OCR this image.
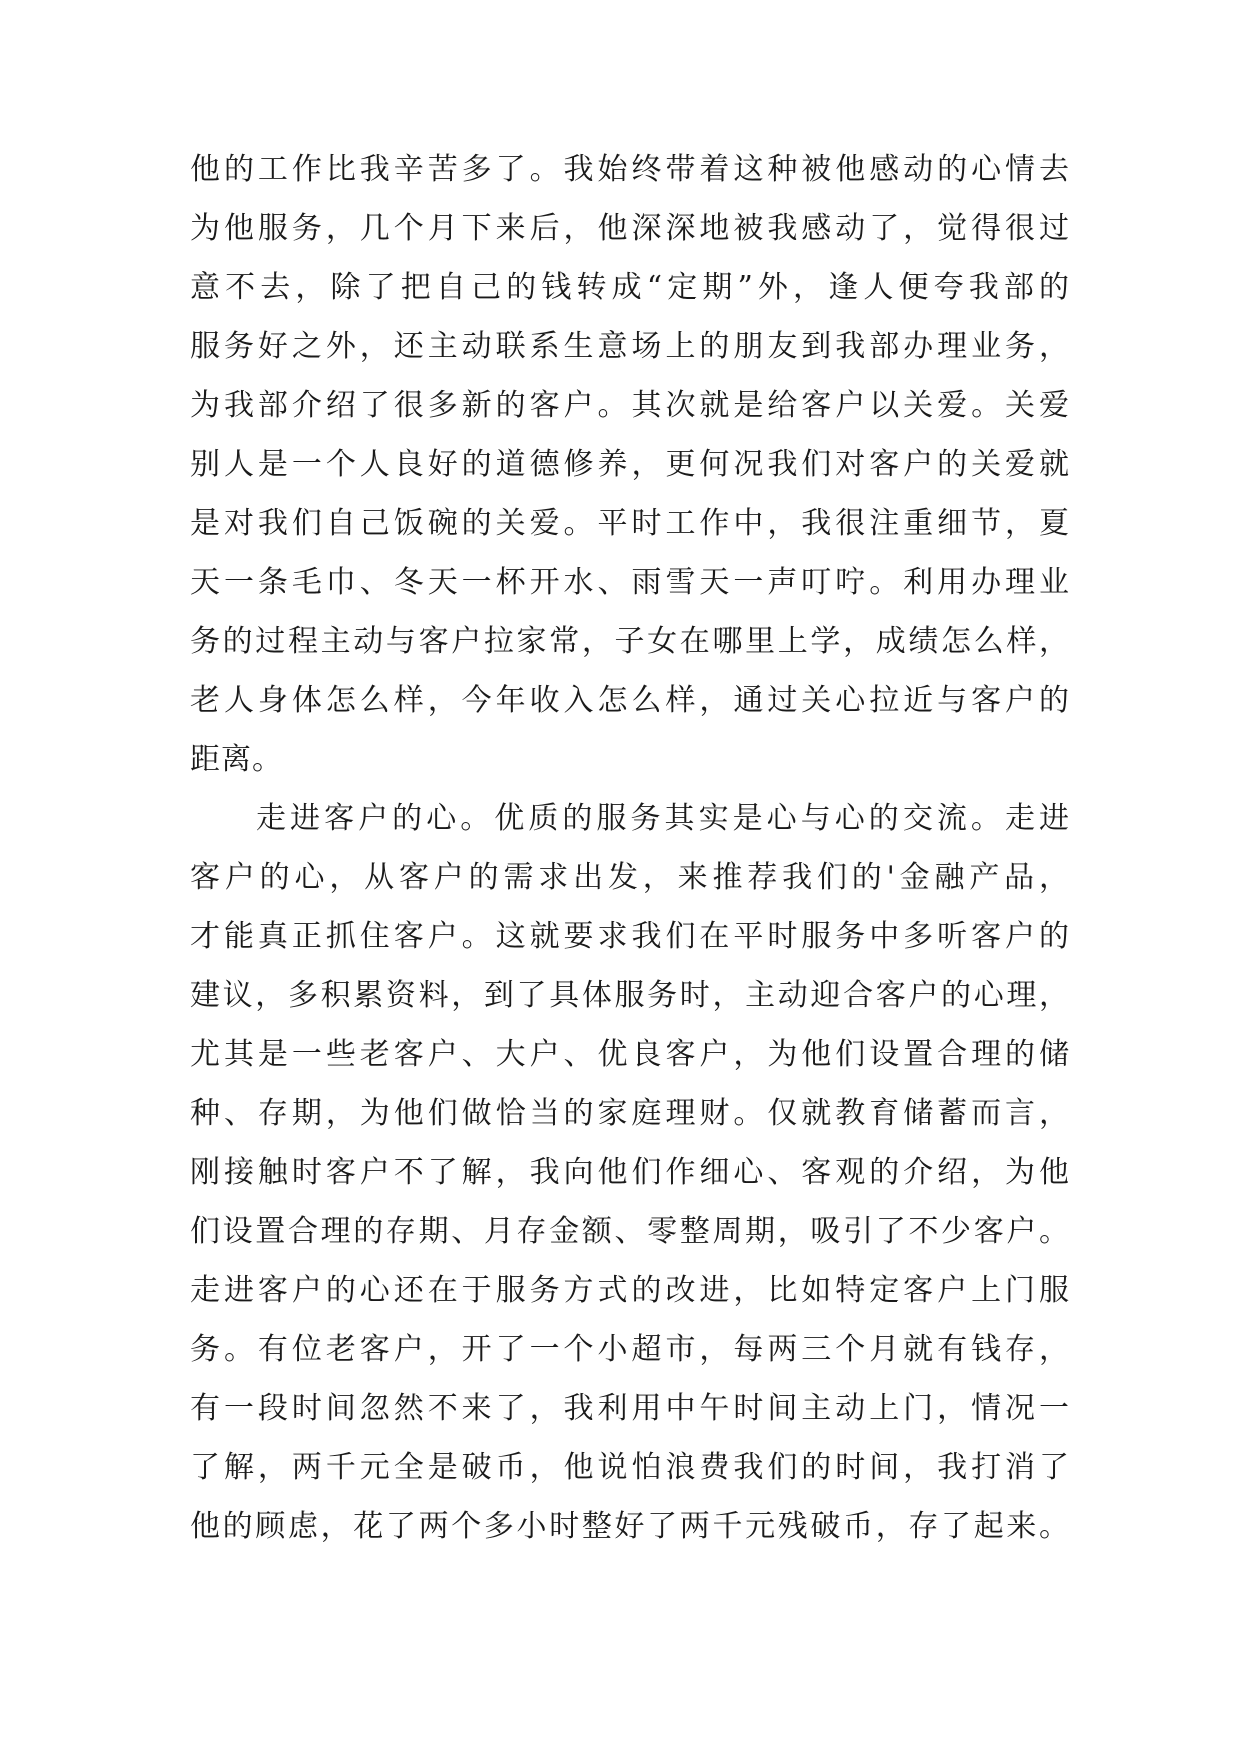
他的工作比我辛苦多了。我始终带着这种被他感动的心情去
为他服务，几个月下来后，他深深地被我感动了，觉得很过
意不去，除了把自己的钱转成“定期”外，逢人便夸我部的
服务好之外，还主动联系生意场上的朋友到我部办理业务，
为我部介绍了很多新的客户。其次就是给客户以关爱。关爱
别人是一个人良好的道德修养，更何况我们对客户的关爱就
是对我们自己饭碗的关爱。平时工作中，我很注重细节，夏
天一条毛巾、冬天一杯开水、雨雪天一声叮咛。利用办理业
务的过程主动与客户拉家常，子女在哪里上学，成绩怎么样，
老人身体怎么样，今年收入怎么样，通过关心拉近与客户的
距离。
走进客户的心。优质的服务其实是心与心的交流。走进
客户的心，从客户的需求出发，来推荐我们的'金融产品，
才能真正抓住客户。这就要求我们在平时服务中多听客户的
建议，多积累资料，到了具体服务时，主动迎合客户的心理，
尤其是一些老客户、大户、优良客户，为他们设置合理的储
种、存期，为他们做恰当的家庭理财。仅就教育储蓄而言，
刚接触时客户不了解，我向他们作细心、客观的介绍，为他
们设置合理的存期、月存金额、零整周期，吸引了不少客户。
走进客户的心还在于服务方式的改进，比如特定客户上门服
务。有位老客户，开了一个小超市，每两三个月就有钱存，
有一段时间忽然不来了，我利用中午时间主动上门，情况一
了解，两千元全是破币，他说怕浪费我们的时间，我打消了
他的顾虑，花了两个多小时整好了两千元残破币，存了起来。
